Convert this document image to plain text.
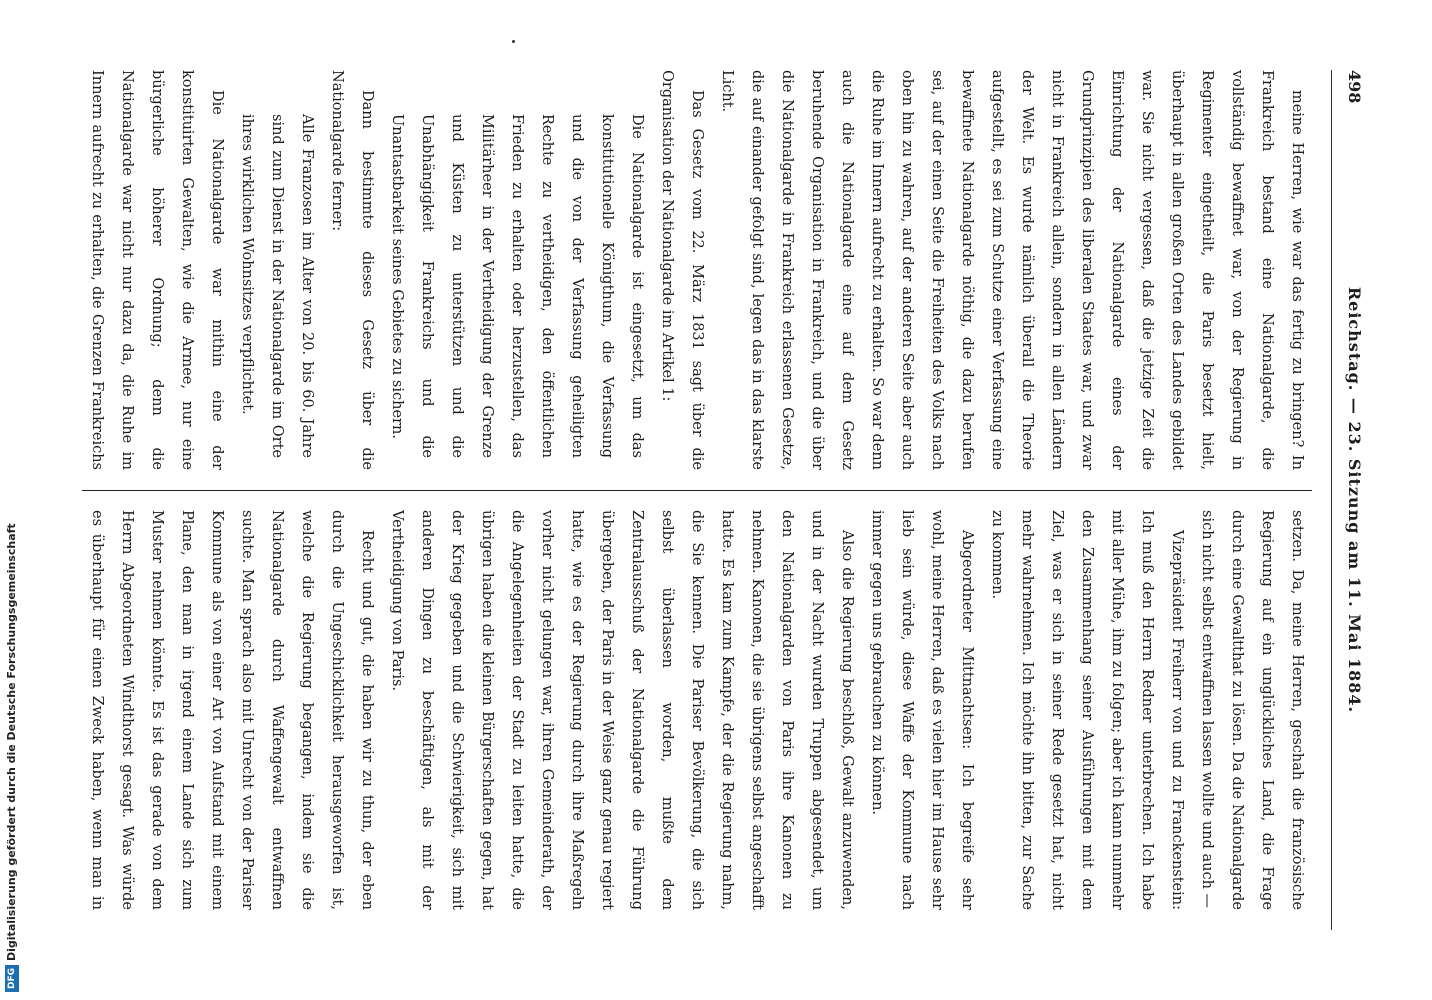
498
Reichstag. — 23. Sitzung am 11. Mai 1884.

meine Herren, wie war das fertig zu bringen? In Frankreich bestand eine Nationalgarde, die vollständig bewaffnet war, von der Regierung in Regimenter eingetheilt, die Paris besetzt hielt, überhaupt in allen großen Orten des Landes gebildet war. Sie nicht vergessen, daß die jetzige Zeit die Einrichtung der Nationalgarde eines der Grundprinzipien des liberalen Staates war, und zwar nicht in Frankreich allein, sondern in allen Ländern der Welt. Es wurde nämlich überall die Theorie aufgestellt, es sei zum Schutze einer Verfassung eine bewaffnete Nationalgarde nöthig, die dazu berufen sei, auf der einen Seite die Freiheiten des Volks nach oben hin zu wahren, auf der anderen Seite aber auch die Ruhe im Innern aufrecht zu erhalten. So war denn auch die Nationalgarde eine auf dem Gesetz beruhende Organisation in Frankreich, und die über die Nationalgarde in Frankreich erlassenen Gesetze, die auf einander gefolgt sind, legen das in das klarste Licht.

Das Gesetz vom 22. März 1831 sagt über die Organisation der Nationalgarde im Artikel 1:

Die Nationalgarde ist eingesetzt, um das konstitutionelle Königthum, die Verfassung und die von der Verfassung geheiligten Rechte zu vertheidigen, den öffentlichen Frieden zu erhalten oder herzustellen, das Militärheer in der Vertheidigung der Grenze und Küsten zu unterstützen und die Unabhängigkeit Frankreichs und die Unantastbarkeit seines Gebietes zu sichern.

Dann bestimmte dieses Gesetz über die Nationalgarde ferner:

Alle Franzosen im Alter von 20. bis 60. Jahre sind zum Dienst in der Nationalgarde im Orte ihres wirklichen Wohnsitzes verpflichtet.

Die Nationalgarde war mithin eine der konstituirten Gewalten, wie die Armee, nur eine bürgerliche höherer Ordnung; denn die Nationalgarde war nicht nur dazu da, die Ruhe im Innern aufrecht zu erhalten, die Grenzen Frankreichs

setzen. Da, meine Herren, geschah die französische Regierung auf ein unglückliches Land, die Frage durch eine Gewaltthat zu lösen. Da die Nationalgarde sich nicht selbst entwaffnen lassen wollte und auch —

Vizepräsident Freiherr von und zu Franckenstein: Ich muß den Herrn Redner unterbrechen. Ich habe mit aller Mühe, ihm zu folgen; aber ich kann nunmehr den Zusammenhang seiner Ausführungen mit dem Ziel, was er sich in seiner Rede gesetzt hat, nicht mehr wahrnehmen. Ich möchte ihn bitten, zur Sache zu kommen.

Abgeordneter Mittnachtsen: Ich begreife sehr wohl, meine Herren, daß es vielen hier im Hause sehr lieb sein würde, diese Waffe der Kommune nach immer gegen uns gebrauchen zu können.

Also die Regierung beschloß, Gewalt anzuwenden, und in der Nacht wurden Truppen abgesendet, um den Nationalgarden von Paris ihre Kanonen zu nehmen. Kanonen, die sie übrigens selbst angeschafft hatte. Es kam zum Kampfe, der die Regierung nahm, die Sie kennen. Die Pariser Bevölkerung, die sich selbst überlassen worden, mußte dem Zentralausschuß der Nationalgarde die Führung übergeben, der Paris in der Weise ganz genau regiert hatte, wie es der Regierung durch ihre Maßregeln vorher nicht gelungen war, ihren Gemeinderath, der die Angelegenheiten der Stadt zu leiten hatte, die übrigen haben die kleinen Bürgerschaften gegen, hat der Krieg gegeben und die Schwierigkeit, sich mit anderen Dingen zu beschäftigen, als mit der Vertheidigung von Paris.

Recht und gut, die haben wir zu thun, der eben durch die Ungeschicklichkeit herausgeworfen ist, welche die Regierung begangen, indem sie die Nationalgarde durch Waffengewalt entwaffnen suchte. Man sprach also mit Unrecht von der Pariser Kommune als von einer Art von Aufstand mit einem Plane, den man in irgend einem Lande sich zum Muster nehmen könnte. Es ist das gerade von dem Herrn Abgeordneten Windthorst gesagt. Was würde es überhaupt für einen Zweck haben, wenn man in

DFGDigitalisierung gefördert durch die Deutsche Forschungsgemeinschaft
